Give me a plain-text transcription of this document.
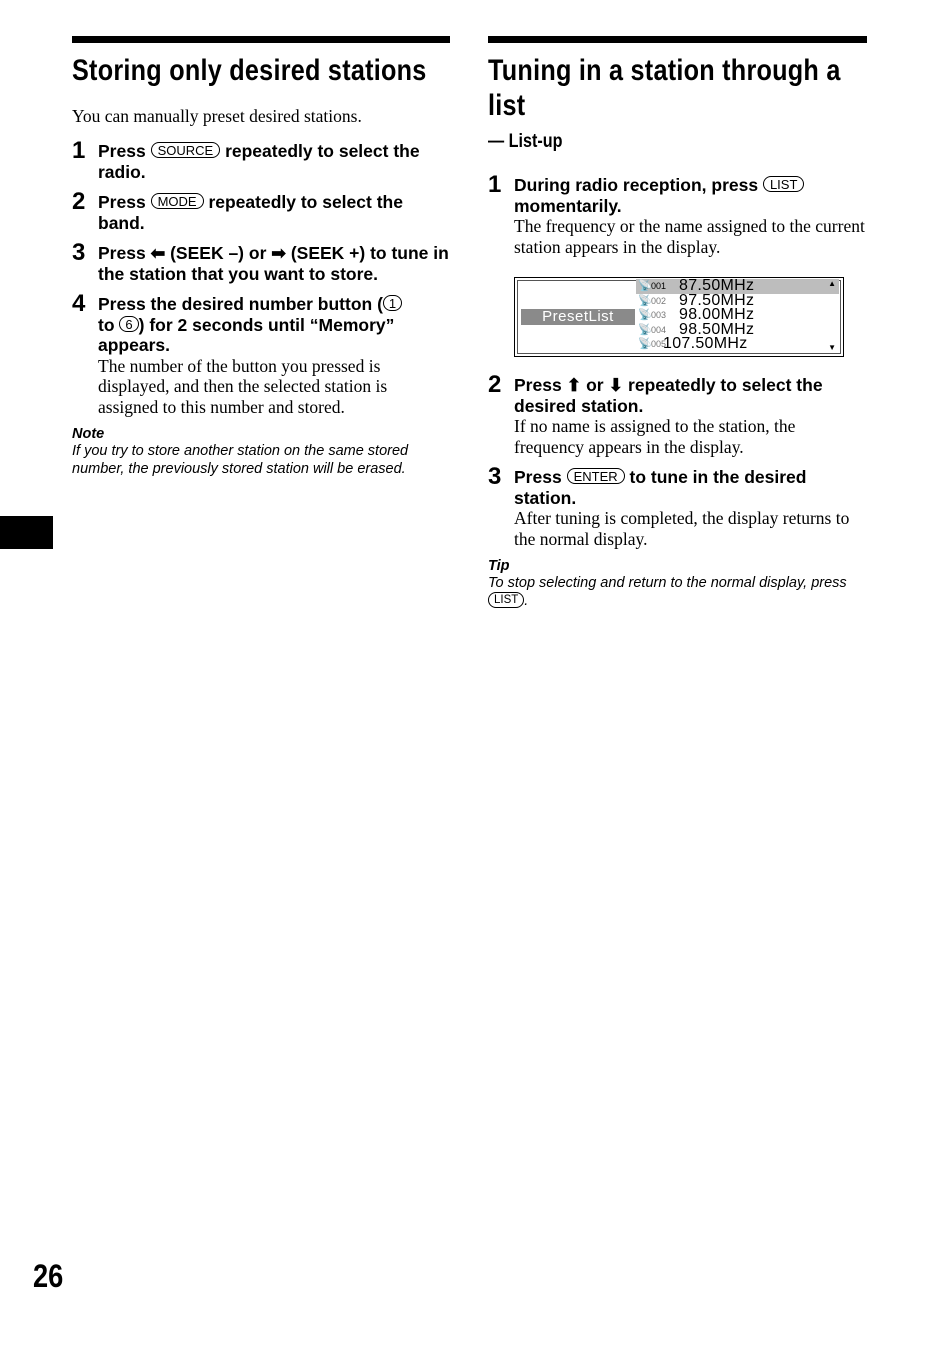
Storing only desired stations
You can manually preset desired stations.
1 Press SOURCE repeatedly to select the radio.
2 Press MODE repeatedly to select the band.
3 Press ⬅ (SEEK –) or ➡ (SEEK +) to tune in the station that you want to store.
4 Press the desired number button ( 1
to 6 ) for 2 seconds until “Memory” appears.
The number of the button you pressed is displayed, and then the selected station is assigned to this number and stored.
Note
If you try to store another station on the same stored number, the previously stored station will be erased.
Tuning in a station through a
list
— List-up
1 During radio reception, press LIST momentarily.
The frequency or the name assigned to the current station appears in the display.
PresetList
📡 001 87.50MHz
📡 002 97.50MHz
📡 003 98.00MHz
📡 004 98.50MHz
📡 005
107.50MHz
▲
▼
2 Press ⬆ or ⬇ repeatedly to select the desired station.
If no name is assigned to the station, the frequency appears in the display.
3 Press ENTER to tune in the desired station.
After tuning is completed, the display returns to the normal display.
Tip
To stop selecting and return to the normal display, press LIST .
26
